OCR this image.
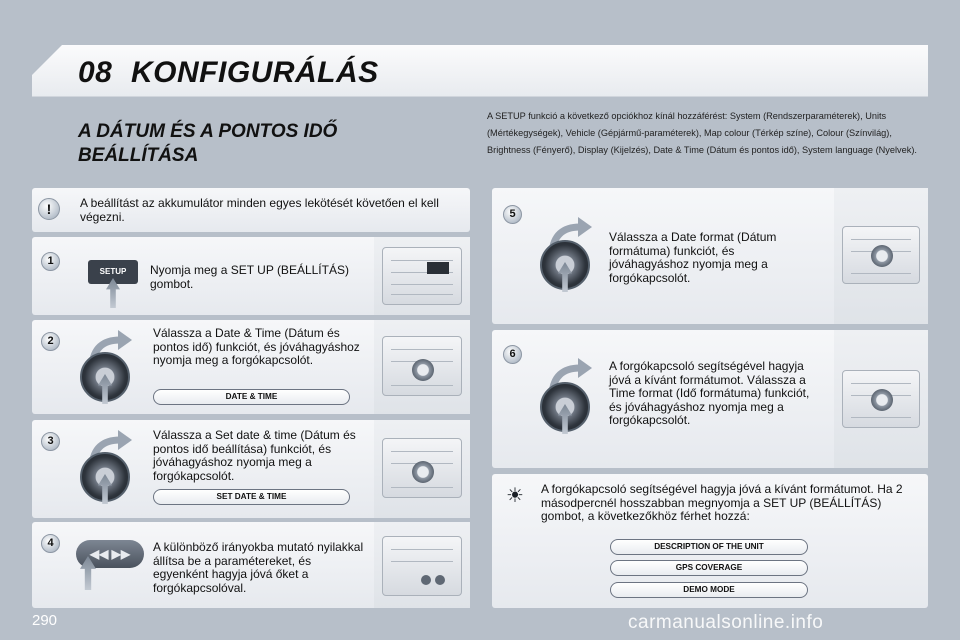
08 KONFIGURÁLÁS
A DÁTUM ÉS A PONTOS IDŐ BEÁLLÍTÁSA
A SETUP funkció a következő opciókhoz kínál hozzáférést: System (Rendszerparaméterek), Units (Mértékegységek), Vehicle (Gépjármű-paraméterek), Map colour (Térkép színe), Colour (Színvilág), Brightness (Fényerő), Display (Kijelzés), Date & Time (Dátum és pontos idő), System language (Nyelvek).
!	A beállítást az akkumulátor minden egyes lekötését követően el kell végezni.
1
SETUP	Nyomja meg a SET UP (BEÁLLÍTÁS) gombot.
2
Válassza a Date & Time (Dátum és pontos idő) funkciót, és jóváhagyáshoz nyomja meg a forgókapcsolót.
DATE & TIME
3	Válassza a Set date & time (Dátum és pontos idő beállítása) funkciót, és jóváhagyáshoz nyomja meg a forgókapcsolót.
SET DATE & TIME
4
◀◀ ▶▶	A különböző irányokba mutató nyilakkal állítsa be a paramétereket, és egyenként hagyja jóvá őket a forgókapcsolóval.
5
Válassza a Date format (Dátum formátuma) funkciót, és jóváhagyáshoz nyomja meg a forgókapcsolót.
6
A forgókapcsoló segítségével hagyja jóvá a kívánt formátumot. Válassza a Time format (Idő formátuma) funkciót, és jóváhagyáshoz nyomja meg a forgókapcsolót.
☀ A forgókapcsoló segítségével hagyja jóvá a kívánt formátumot. Ha 2 másodpercnél hosszabban megnyomja a SET UP (BEÁLLÍTÁS) gombot, a következőkhöz férhet hozzá:
DESCRIPTION OF THE UNIT
GPS COVERAGE
DEMO MODE
290	carmanualsonline.info
